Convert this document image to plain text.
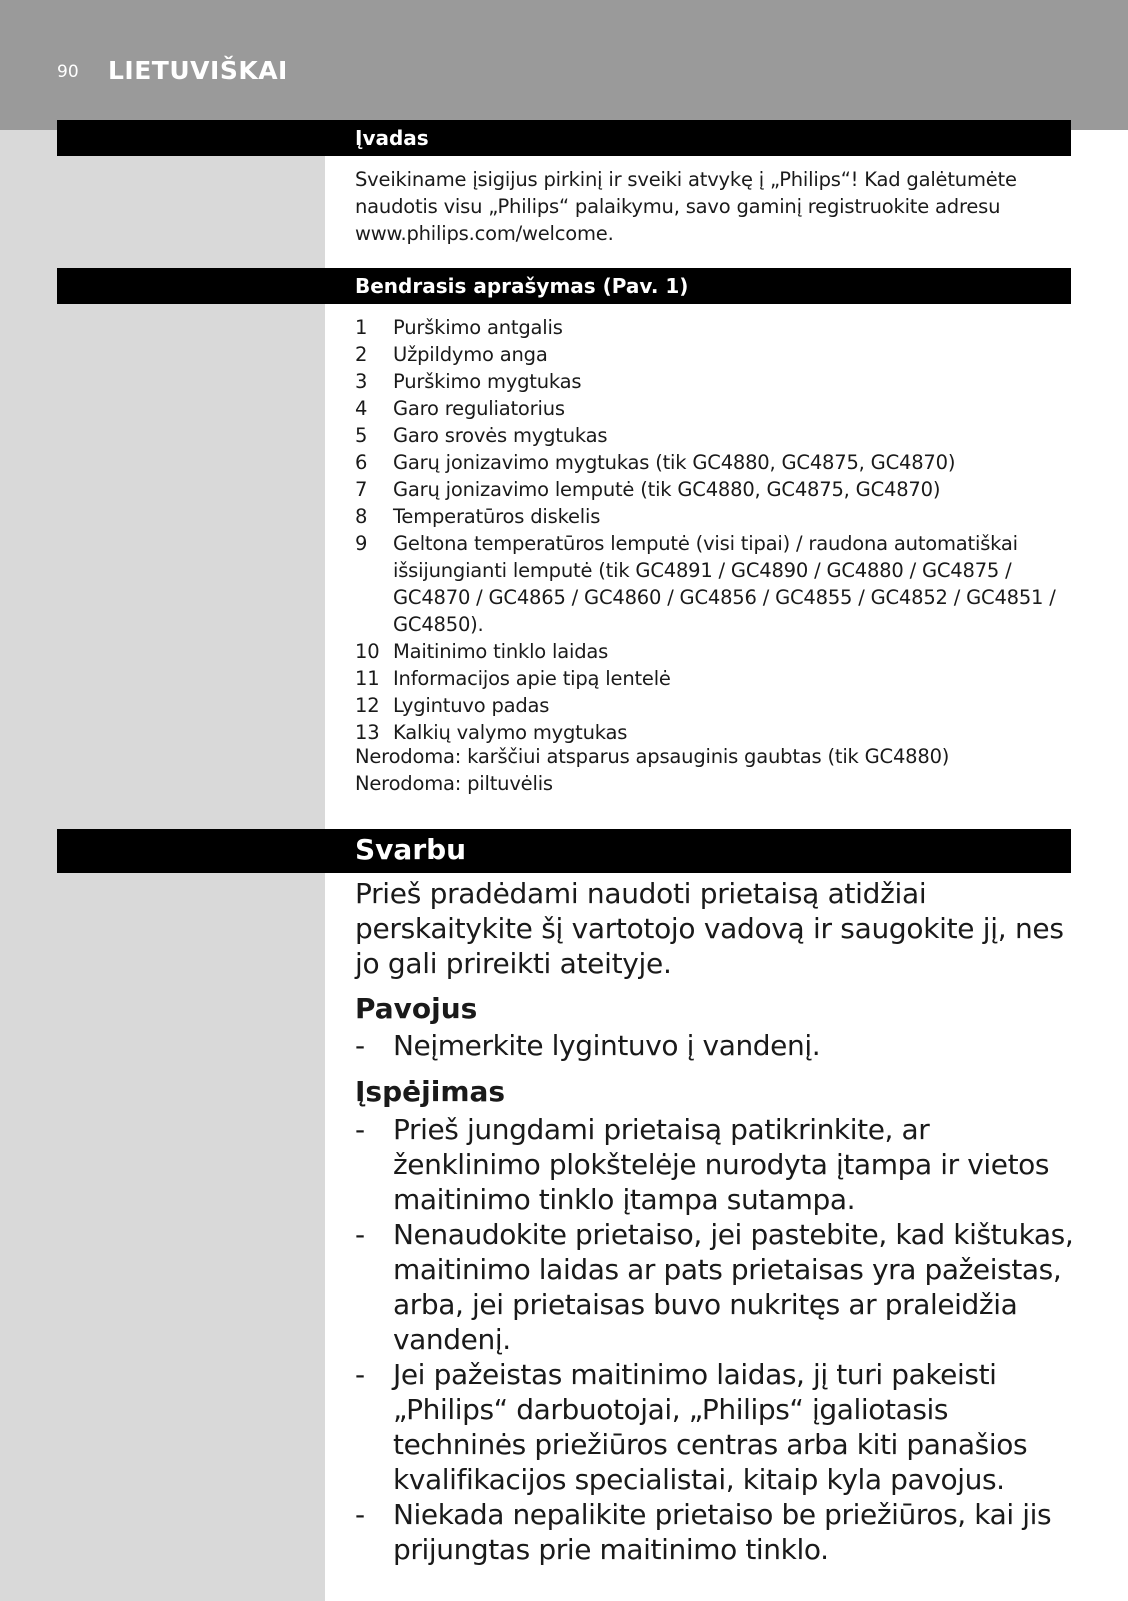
90 LIETUVIŠKAI
Įvadas

Sveikiname įsigijus pirkinį ir sveiki atvykę į „Philips“! Kad galėtumėte naudotis visu „Philips“ palaikymu, savo gaminį registruokite adresu www.philips.com/welcome.

Bendrasis aprašymas (Pav. 1)
1 Purškimo antgalis
2 Užpildymo anga
3 Purškimo mygtukas
4 Garo reguliatorius
5 Garo srovės mygtukas
6 Garų jonizavimo mygtukas (tik GC4880, GC4875, GC4870)
7 Garų jonizavimo lemputė (tik GC4880, GC4875, GC4870)
8 Temperatūros diskelis
9 Geltona temperatūros lemputė (visi tipai) / raudona automatiškai išsijungianti lemputė (tik GC4891 / GC4890 / GC4880 / GC4875 / GC4870 / GC4865 / GC4860 / GC4856 / GC4855 / GC4852 / GC4851 / GC4850).
10 Maitinimo tinklo laidas
11 Informacijos apie tipą lentelė
12 Lygintuvo padas
13 Kalkių valymo mygtukas
Nerodoma: karščiui atsparus apsauginis gaubtas (tik GC4880)
Nerodoma: piltuvėlis
Svarbu

Prieš pradėdami naudoti prietaisą atidžiai perskaitykite šį vartotojo vadovą ir saugokite jį, nes jo gali prireikti ateityje.

Pavojus
- Neįmerkite lygintuvo į vandenį.
Įspėjimas
- Prieš jungdami prietaisą patikrinkite, ar ženklinimo plokštelėje nurodyta įtampa ir vietos maitinimo tinklo įtampa sutampa.
- Nenaudokite prietaiso, jei pastebite, kad kištukas, maitinimo laidas ar pats prietaisas yra pažeistas, arba, jei prietaisas buvo nukritęs ar praleidžia vandenį.
- Jei pažeistas maitinimo laidas, jį turi pakeisti „Philips“ darbuotojai, „Philips“ įgaliotasis techninės priežiūros centras arba kiti panašios kvalifikacijos specialistai, kitaip kyla pavojus.
- Niekada nepalikite prietaiso be priežiūros, kai jis prijungtas prie maitinimo tinklo.
